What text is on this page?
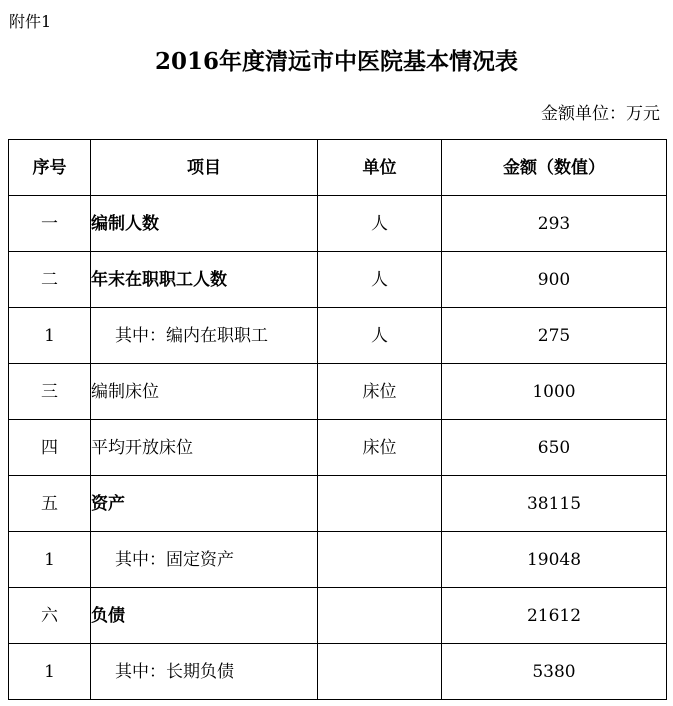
附件1
2016年度清远市中医院基本情况表
金额单位：万元
序号	项目	单位	金额（数值）
一	编制人数	人	293
二	年末在职职工人数	人	900
1	其中：编内在职职工	人	275
三	编制床位	床位	1000
四	平均开放床位	床位	650
五	资产		38115
1	其中：固定资产		19048
六	负债		21612
1	其中：长期负债		5380
